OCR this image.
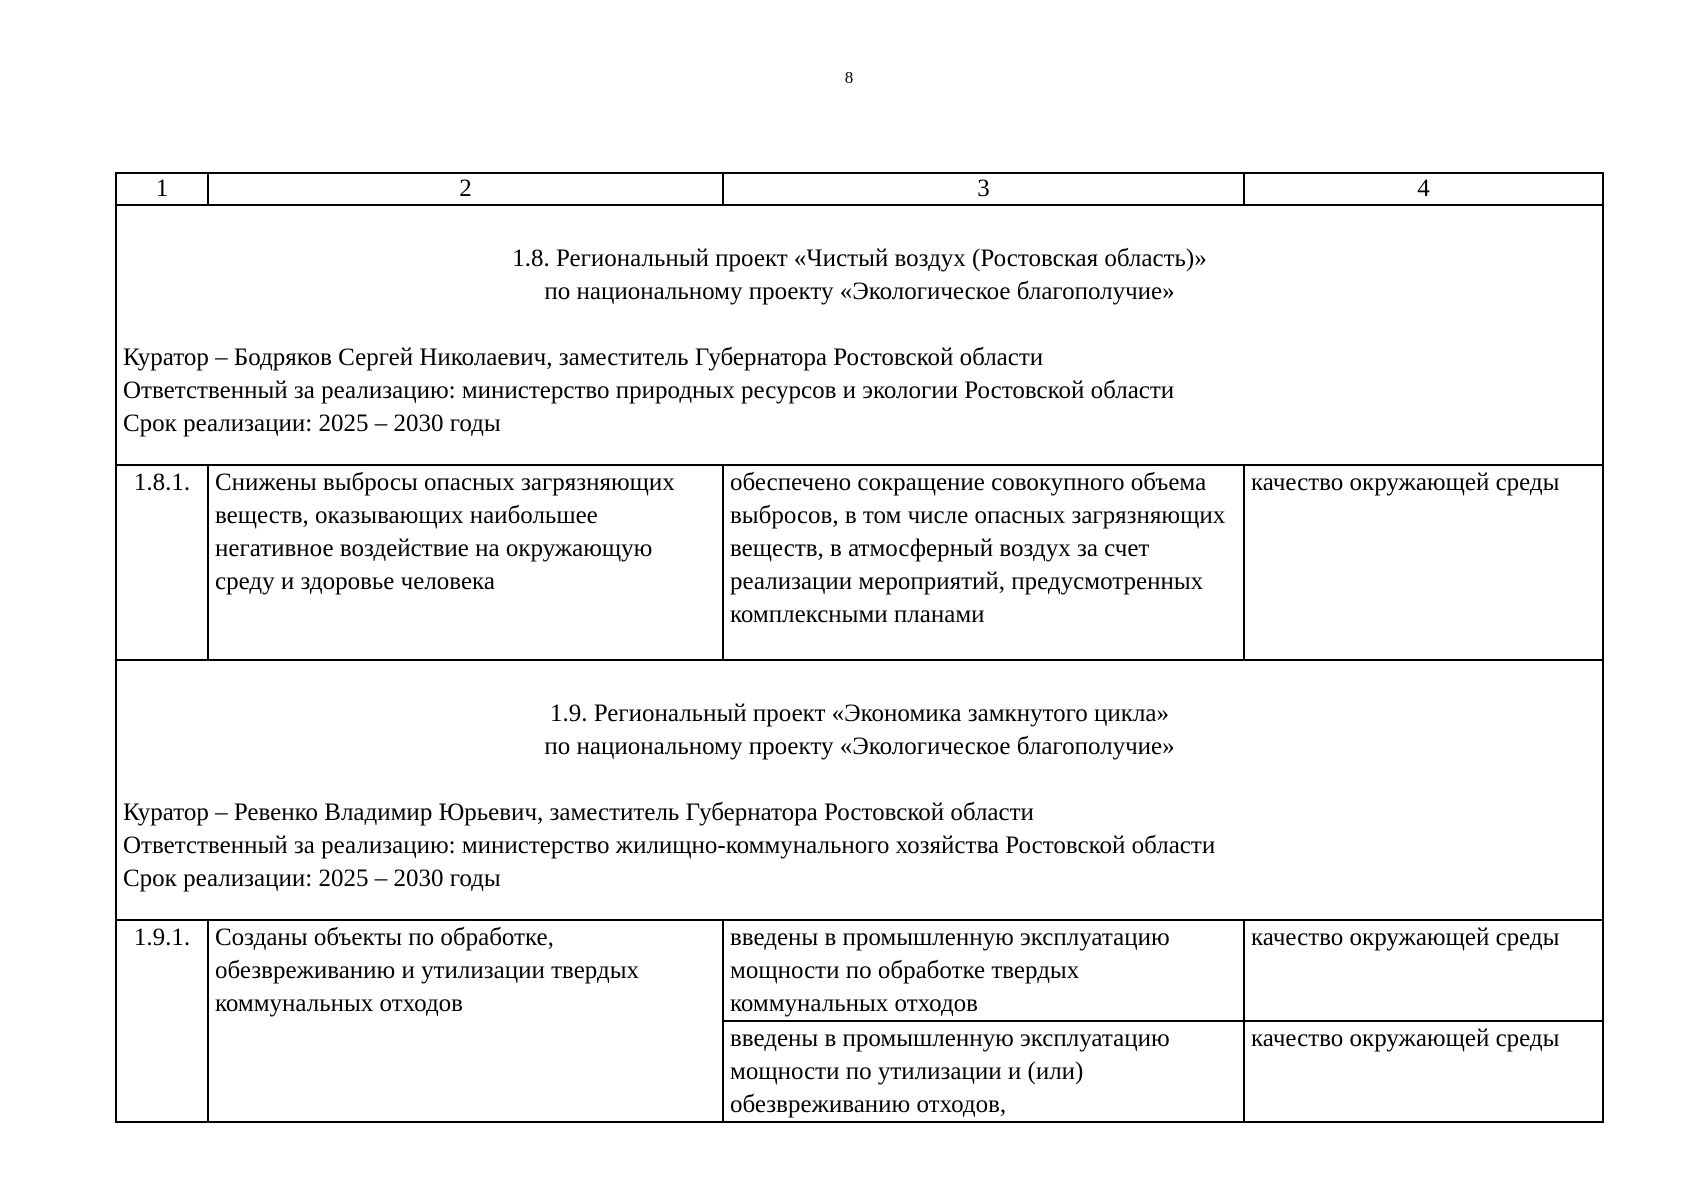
8
1	2	3	4

1.8. Региональный проект «Чистый воздух (Ростовская область)»
по национальному проекту «Экологическое благополучие»
Куратор – Бодряков Сергей Николаевич, заместитель Губернатора Ростовской области
Ответственный за реализацию: министерство природных ресурсов и экологии Ростовской области
Срок реализации: 2025 – 2030 годы			

1.8.1.	Снижены выбросы опасных загрязняющих веществ, оказывающих наибольшее негативное воздействие на окружающую среду и здоровье человека	обеспечено сокращение совокупного объема выбросов, в том числе опасных загрязняющих веществ, в атмосферный воздух за счет реализации мероприятий, предусмотренных комплексными планами	качество окружающей среды

1.9. Региональный проект «Экономика замкнутого цикла»
по национальному проекту «Экологическое благополучие»
Куратор – Ревенко Владимир Юрьевич, заместитель Губернатора Ростовской области
Ответственный за реализацию: министерство жилищно-коммунального хозяйства Ростовской области
Срок реализации: 2025 – 2030 годы			

1.9.1.	Созданы объекты по обработке, обезвреживанию и утилизации твердых коммунальных отходов	введены в промышленную эксплуатацию мощности по обработке твердых коммунальных отходов	качество окружающей среды
		введены в промышленную эксплуатацию мощности по утилизации и (или) обезвреживанию отходов,	качество окружающей среды
